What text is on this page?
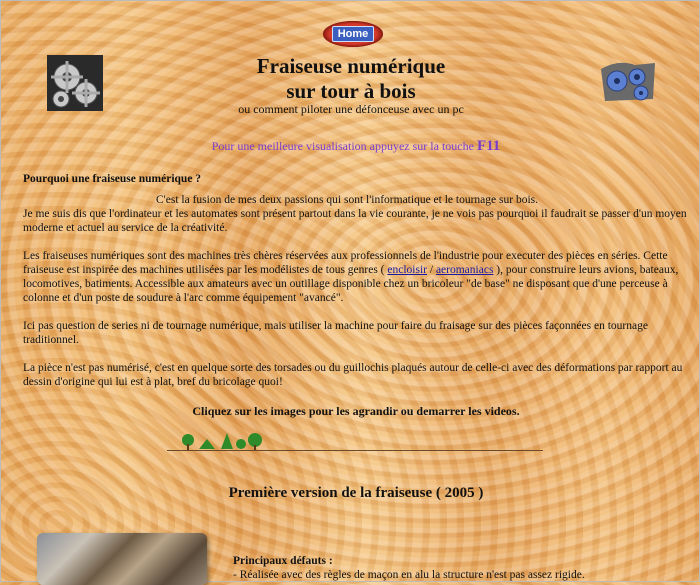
Home
Fraiseuse numérique
sur tour à bois
ou comment piloter une défonceuse avec un pc
Pour une meilleure visualisation appuyez sur la touche F11
Pourquoi une fraiseuse numérique ?
C'est la fusion de mes deux passions qui sont l'informatique et le tournage sur bois.
Je me suis dis que l'ordinateur et les automates sont présent partout dans la vie courante, je ne vois pas pourquoi il faudrait se passer d'un moyen moderne et actuel au service de la créativité.
Les fraiseuses numériques sont des machines très chères réservées aux professionnels de l'industrie pour executer des pièces en séries. Cette fraiseuse est inspirée des machines utilisées par les modélistes de tous genres ( encloisir / aeromaniacs ), pour construire leurs avions, bateaux, locomotives, batiments. Accessible aux amateurs avec un outillage disponible chez un bricoleur "de base" ne disposant que d'une perceuse à colonne et d'un poste de soudure à l'arc comme équipement "avancé".
Ici pas question de series ni de tournage numérique, mais utiliser la machine pour faire du fraisage sur des pièces façonnées en tournage traditionnel.
La pièce n'est pas numérisé, c'est en quelque sorte des torsades ou du guillochis plaqués autour de celle-ci avec des déformations par rapport au dessin d'origine qui lui est à plat, bref du bricolage quoi!
Cliquez sur les images pour les agrandir ou demarrer les videos.
Première version de la fraiseuse ( 2005 )
Principaux défauts :
- Réalisée avec des règles de maçon en alu la structure n'est pas assez rigide.
